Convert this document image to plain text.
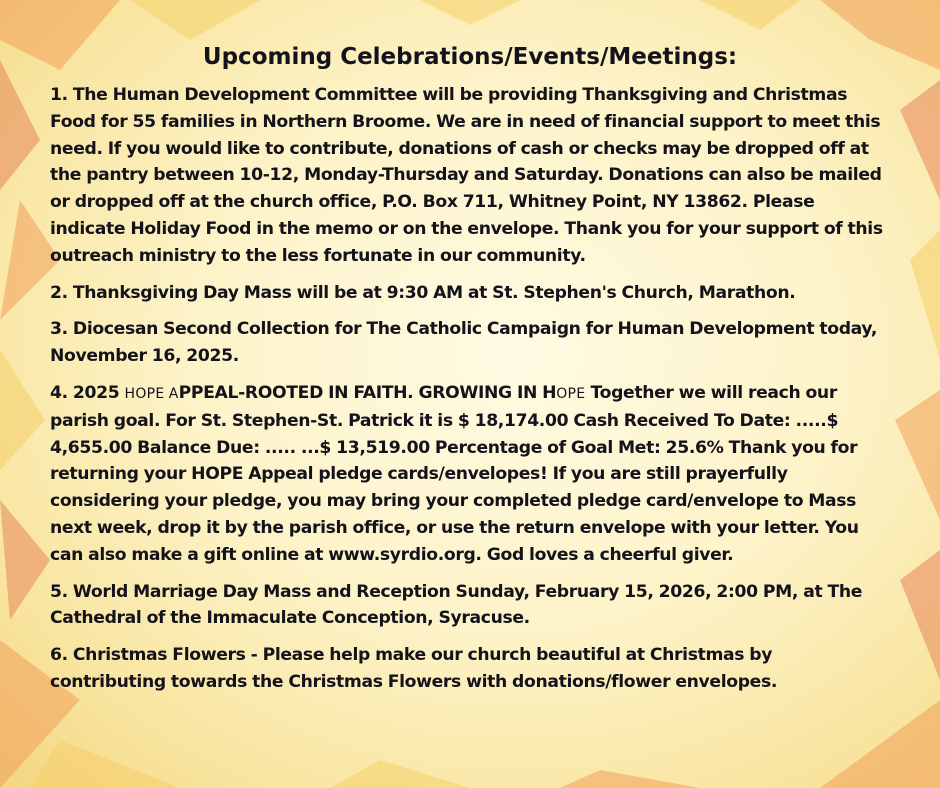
Upcoming Celebrations/Events/Meetings:

1. The Human Development Committee will be providing Thanksgiving and Christmas Food for 55 families in Northern Broome. We are in need of financial support to meet this need. If you would like to contribute, donations of cash or checks may be dropped off at the pantry between 10-12, Monday-Thursday and Saturday. Donations can also be mailed or dropped off at the church office, P.O. Box 711, Whitney Point, NY 13862. Please indicate Holiday Food in the memo or on the envelope. Thank you for your support of this outreach ministry to the less fortunate in our community.

2. Thanksgiving Day Mass will be at 9:30 AM at St. Stephen's Church, Marathon.

3. Diocesan Second Collection for The Catholic Campaign for Human Development today, November 16, 2025.

4. 2025 HOPE APPEAL-ROOTED IN FAITH. GROWING IN HOPE Together we will reach our parish goal. For St. Stephen-St. Patrick it is $ 18,174.00 Cash Received To Date: .....$ 4,655.00 Balance Due: ..... ...$ 13,519.00 Percentage of Goal Met: 25.6% Thank you for returning your HOPE Appeal pledge cards/envelopes! If you are still prayerfully considering your pledge, you may bring your completed pledge card/envelope to Mass next week, drop it by the parish office, or use the return envelope with your letter. You can also make a gift online at www.syrdio.org. God loves a cheerful giver.

5. World Marriage Day Mass and Reception Sunday, February 15, 2026, 2:00 PM, at The Cathedral of the Immaculate Conception, Syracuse.

6. Christmas Flowers - Please help make our church beautiful at Christmas by contributing towards the Christmas Flowers with donations/flower envelopes.
